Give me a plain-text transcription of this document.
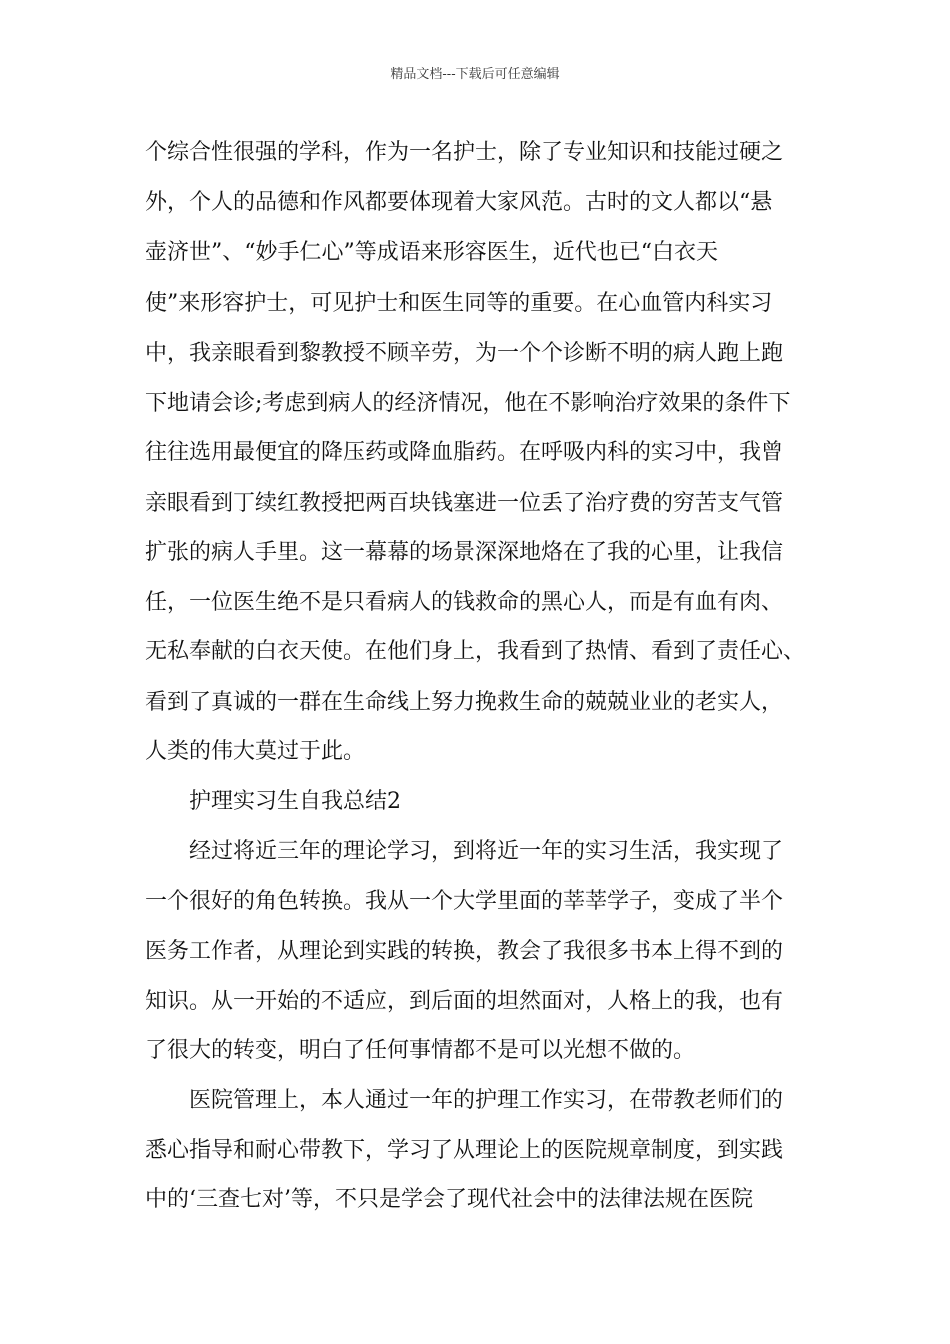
精品文档---下载后可任意编辑
个综合性很强的学科，作为一名护士，除了专业知识和技能过硬之
外，个人的品德和作风都要体现着大家风范。古时的文人都以“悬
壶济世”、“妙手仁心”等成语来形容医生，近代也已“白衣天
使”来形容护士，可见护士和医生同等的重要。在心血管内科实习
中，我亲眼看到黎教授不顾辛劳，为一个个诊断不明的病人跑上跑
下地请会诊;考虑到病人的经济情况，他在不影响治疗效果的条件下
往往选用最便宜的降压药或降血脂药。在呼吸内科的实习中，我曾
亲眼看到丁续红教授把两百块钱塞进一位丢了治疗费的穷苦支气管
扩张的病人手里。这一幕幕的场景深深地烙在了我的心里，让我信
任，一位医生绝不是只看病人的钱救命的黑心人，而是有血有肉、
无私奉献的白衣天使。在他们身上，我看到了热情、看到了责任心、
看到了真诚的一群在生命线上努力挽救生命的兢兢业业的老实人，
人类的伟大莫过于此。
护理实习生自我总结2
经过将近三年的理论学习，到将近一年的实习生活，我实现了
一个很好的角色转换。我从一个大学里面的莘莘学子，变成了半个
医务工作者，从理论到实践的转换，教会了我很多书本上得不到的
知识。从一开始的不适应，到后面的坦然面对，人格上的我，也有
了很大的转变，明白了任何事情都不是可以光想不做的。
医院管理上，本人通过一年的护理工作实习，在带教老师们的
悉心指导和耐心带教下，学习了从理论上的医院规章制度，到实践
中的‘三查七对’等，不只是学会了现代社会中的法律法规在医院
